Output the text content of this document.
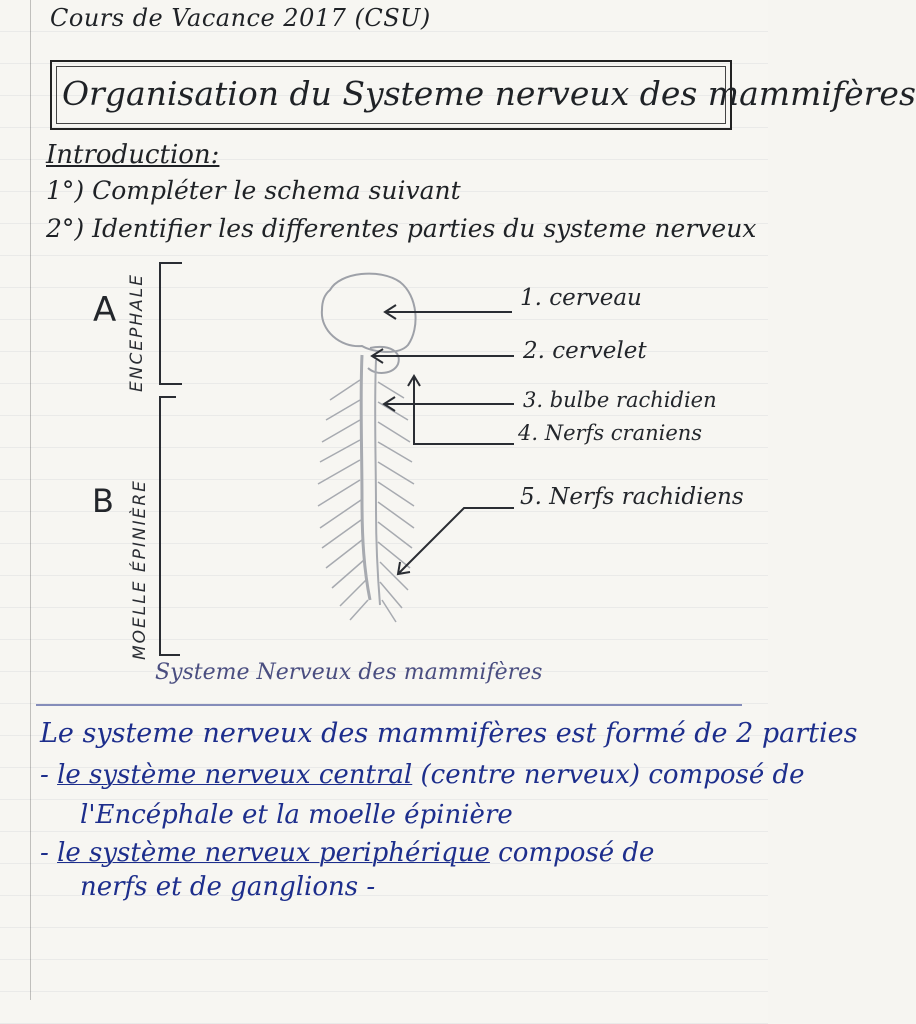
Cours de Vacance 2017 (CSU)
Organisation du Systeme nerveux des mammifères
Introduction:
1°) Compléter le schema suivant
2°) Identifier les differentes parties du systeme nerveux
1. cerveau
2. cervelet
3. bulbe rachidien
4. Nerfs craniens
5. Nerfs rachidiens
A
B
ENCEPHALE
MOELLE ÉPINIÈRE
Systeme Nerveux des mammifères
Le systeme nerveux des mammifères est formé de 2 parties
- le système nerveux central (centre nerveux) composé de
l'Encéphale et la moelle épinière
- le système nerveux periphérique composé de
nerfs et de ganglions -
